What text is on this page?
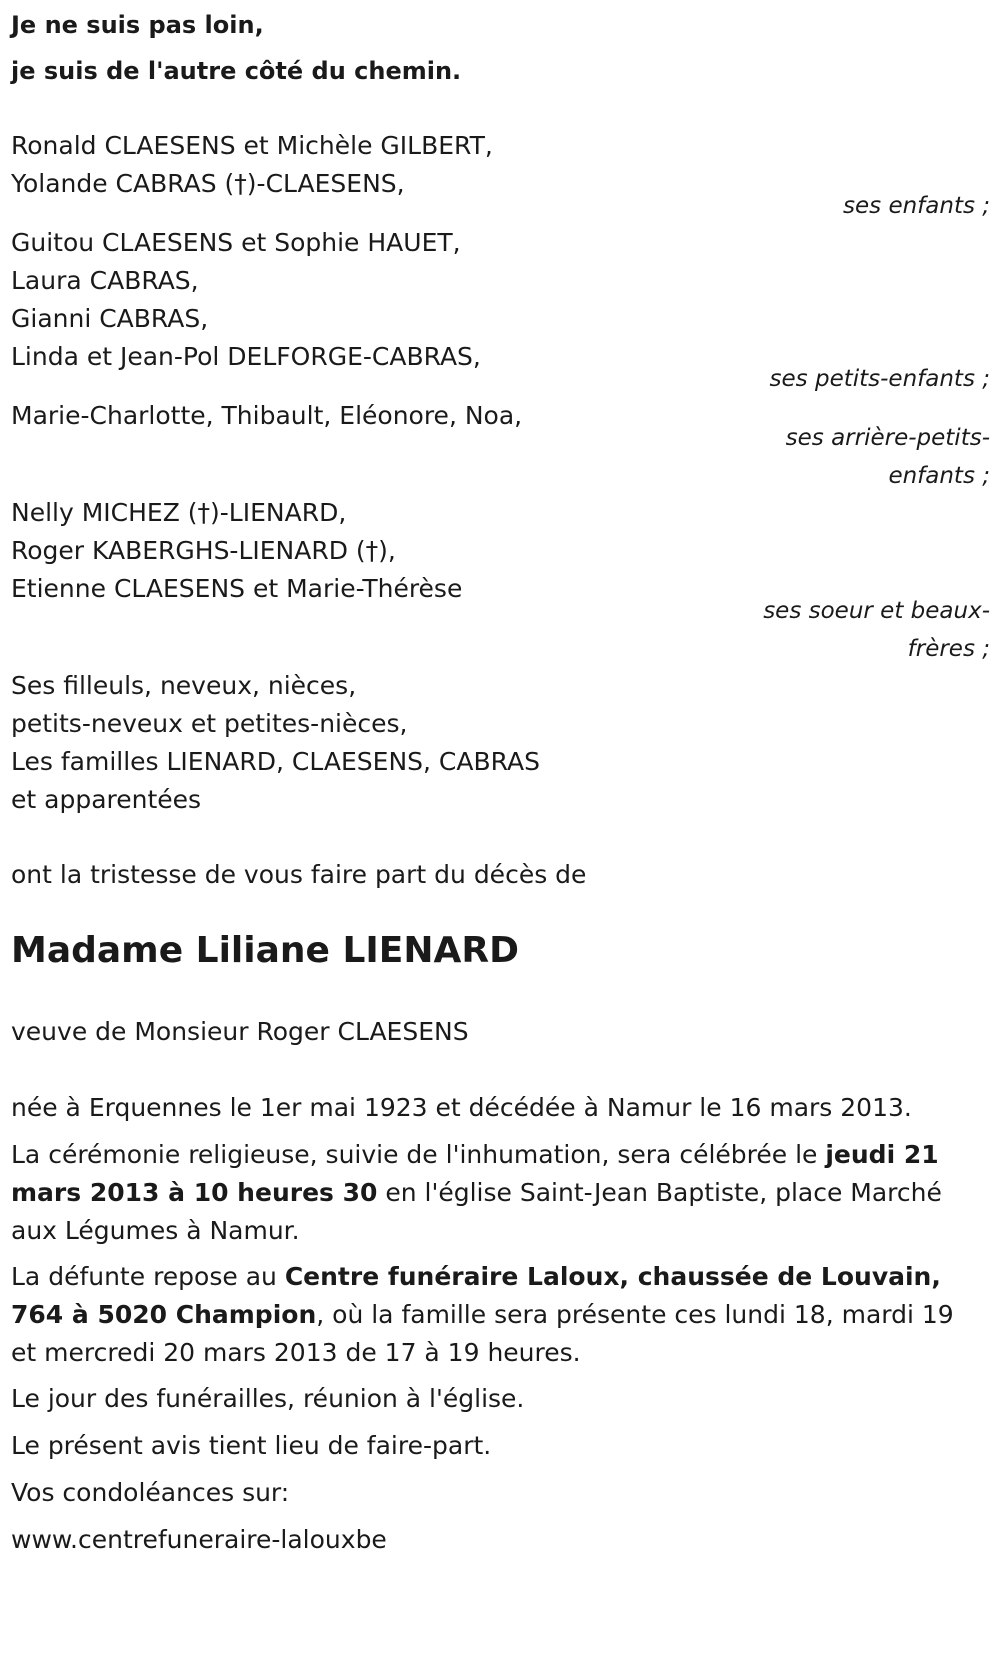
Je ne suis pas loin,
je suis de l'autre côté du chemin.
Ronald CLAESENS et Michèle GILBERT,
Yolande CABRAS (†)-CLAESENS,
ses enfants ;
Guitou CLAESENS et Sophie HAUET,
Laura CABRAS,
Gianni CABRAS,
Linda et Jean-Pol DELFORGE-CABRAS,
ses petits-enfants ;
Marie-Charlotte, Thibault, Eléonore, Noa,
ses arrière-petits-
enfants ;
Nelly MICHEZ (†)-LIENARD,
Roger KABERGHS-LIENARD (†),
Etienne CLAESENS et Marie-Thérèse
ses soeur et beaux-
frères ;
Ses filleuls, neveux, nièces,
petits-neveux et petites-nièces,
Les familles LIENARD, CLAESENS, CABRAS
et apparentées
ont la tristesse de vous faire part du décès de
Madame Liliane LIENARD
veuve de Monsieur Roger CLAESENS
née à Erquennes le 1er mai 1923 et décédée à Namur le 16 mars 2013.
La cérémonie religieuse, suivie de l'inhumation, sera célébrée le jeudi 21 mars 2013 à 10 heures 30 en l'église Saint-Jean Baptiste, place Marché aux Légumes à Namur.
La défunte repose au Centre funéraire Laloux, chaussée de Louvain, 764 à 5020 Champion, où la famille sera présente ces lundi 18, mardi 19 et mercredi 20 mars 2013 de 17 à 19 heures.
Le jour des funérailles, réunion à l'église.
Le présent avis tient lieu de faire-part.
Vos condoléances sur:
www.centrefuneraire-lalouxbe
